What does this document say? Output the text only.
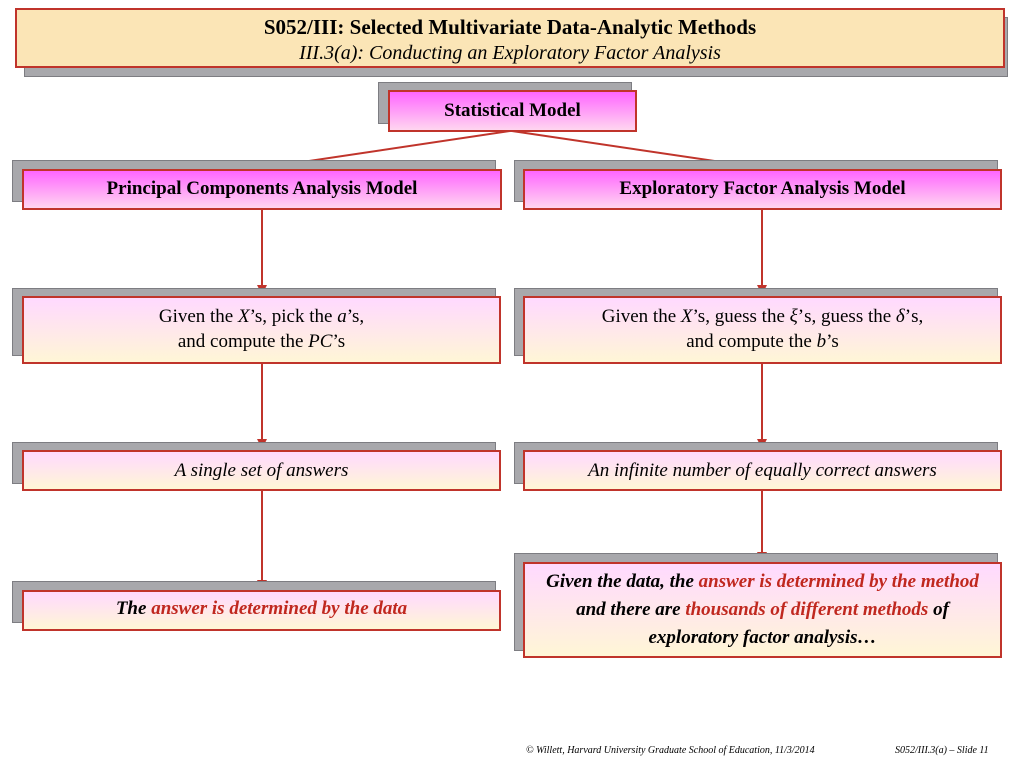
S052/III: Selected Multivariate Data-Analytic Methods
III.3(a): Conducting an Exploratory Factor Analysis
Statistical Model
Principal Components Analysis Model	Exploratory Factor Analysis Model
Given the X’s, pick the a’s,
and compute the PC’s
Given the X’s, guess the ξ’s, guess the δ’s,
and compute the b’s
A single set of answers	An infinite number of equally correct answers
The answer is determined by the data
Given the data, the answer is determined by the method and there are thousands of different methods of exploratory factor analysis…
© Willett, Harvard University Graduate School of Education, 11/3/2014	S052/III.3(a) – Slide 11
